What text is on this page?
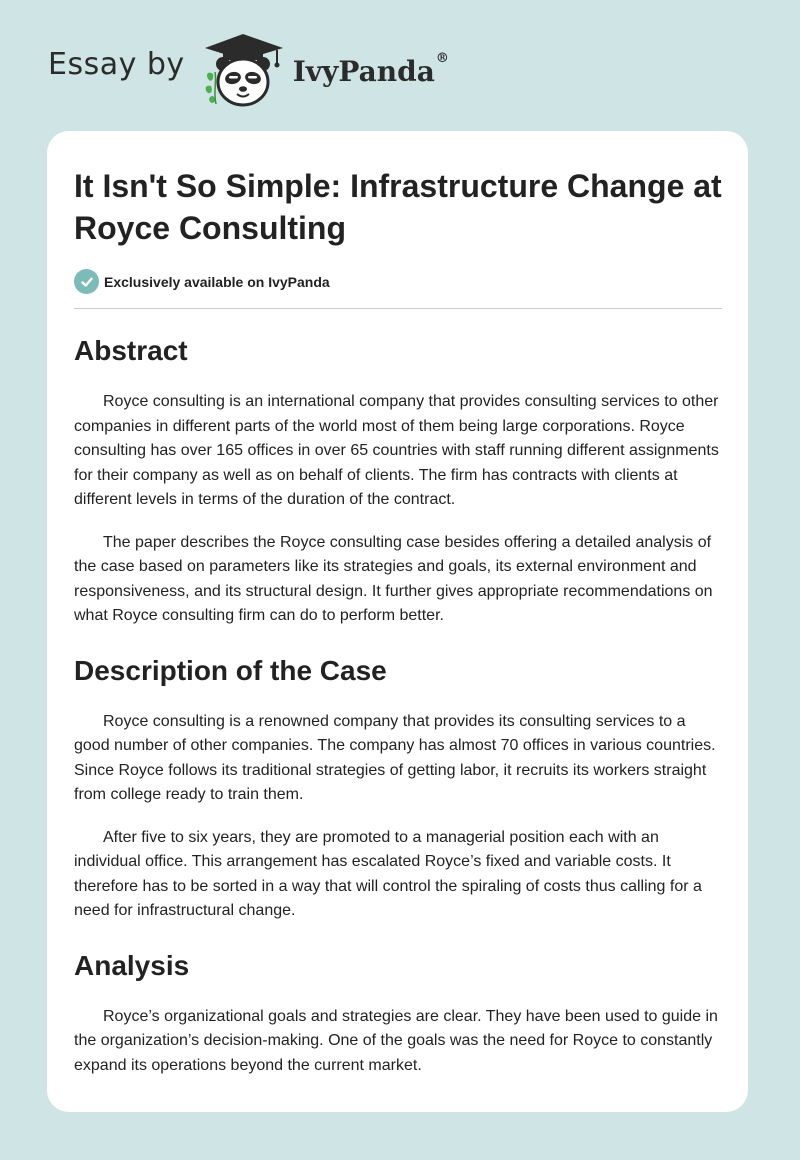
Essay by	IvyPanda®
It Isn't So Simple: Infrastructure Change at Royce Consulting
Exclusively available on IvyPanda
Abstract

Royce consulting is an international company that provides consulting services to other companies in different parts of the world most of them being large corporations. Royce consulting has over 165 offices in over 65 countries with staff running different assignments for their company as well as on behalf of clients. The firm has contracts with clients at different levels in terms of the duration of the contract.

The paper describes the Royce consulting case besides offering a detailed analysis of the case based on parameters like its strategies and goals, its external environment and responsiveness, and its structural design. It further gives appropriate recommendations on what Royce consulting firm can do to perform better.

Description of the Case

Royce consulting is a renowned company that provides its consulting services to a good number of other companies. The company has almost 70 offices in various countries. Since Royce follows its traditional strategies of getting labor, it recruits its workers straight from college ready to train them.

After five to six years, they are promoted to a managerial position each with an individual office. This arrangement has escalated Royce’s fixed and variable costs. It therefore has to be sorted in a way that will control the spiraling of costs thus calling for a need for infrastructural change.

Analysis

Royce’s organizational goals and strategies are clear. They have been used to guide in the organization’s decision-making. One of the goals was the need for Royce to constantly expand its operations beyond the current market.
